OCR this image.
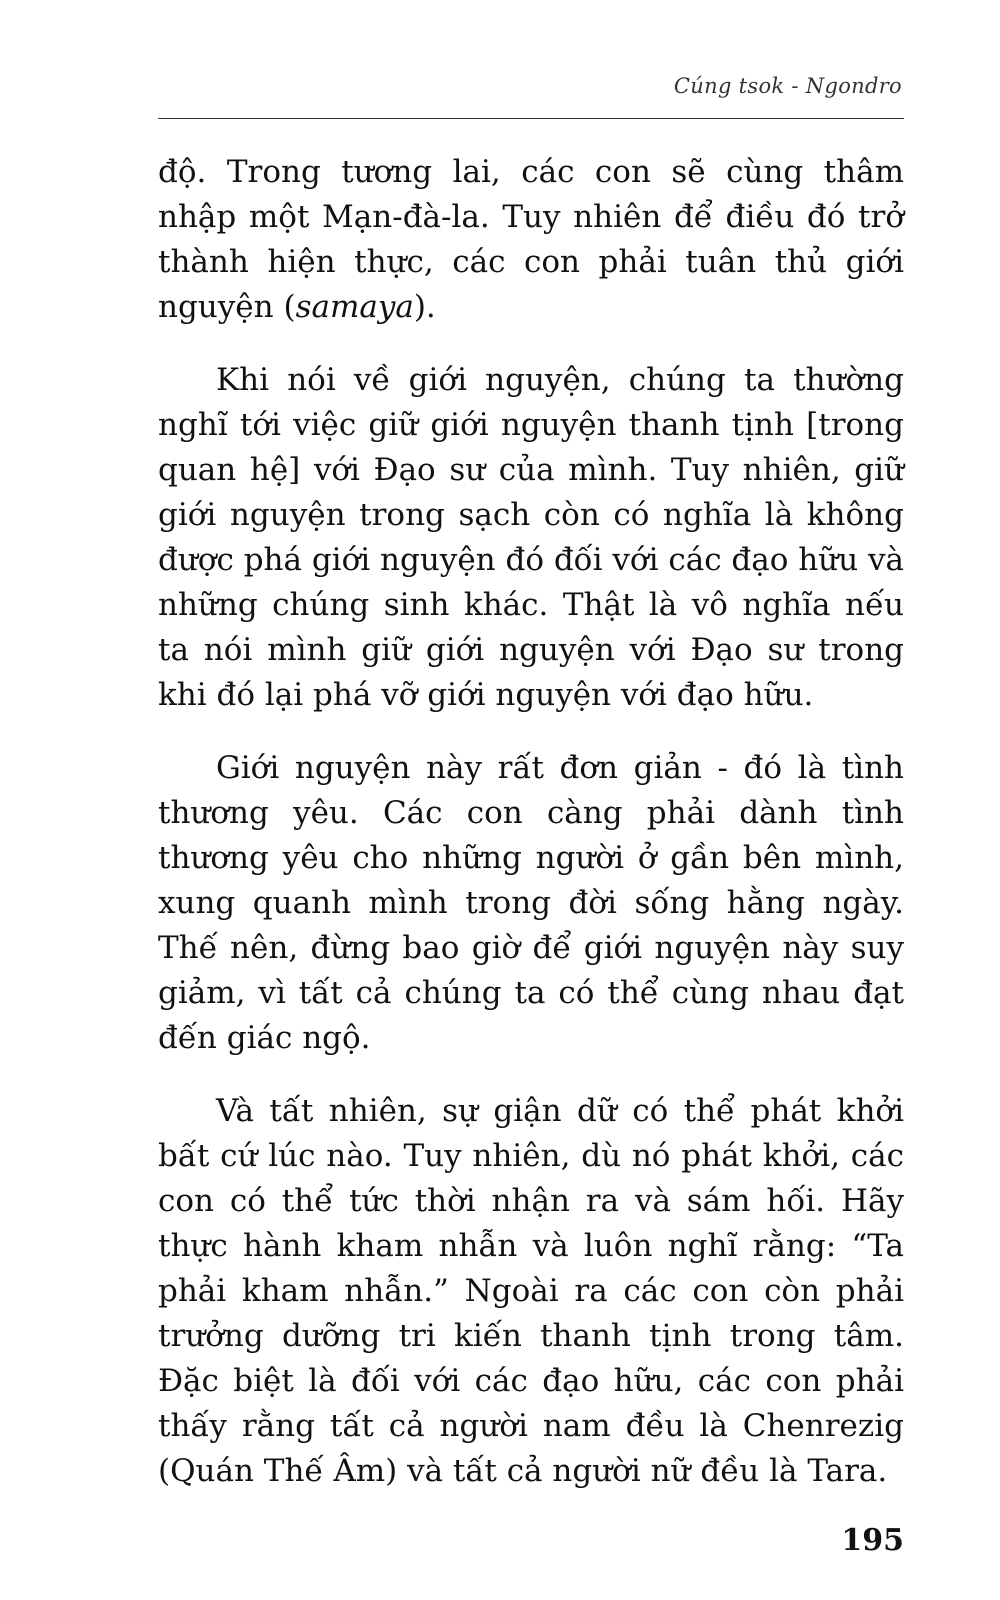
Cúng tsok - Ngondro

độ. Trong tương lai, các con sẽ cùng thâm nhập một Mạn-đà-la. Tuy nhiên để điều đó trở thành hiện thực, các con phải tuân thủ giới nguyện (samaya).

Khi nói về giới nguyện, chúng ta thường nghĩ tới việc giữ giới nguyện thanh tịnh [trong quan hệ] với Đạo sư của mình. Tuy nhiên, giữ giới nguyện trong sạch còn có nghĩa là không được phá giới nguyện đó đối với các đạo hữu và những chúng sinh khác. Thật là vô nghĩa nếu ta nói mình giữ giới nguyện với Đạo sư trong khi đó lại phá vỡ giới nguyện với đạo hữu.

Giới nguyện này rất đơn giản - đó là tình thương yêu. Các con càng phải dành tình thương yêu cho những người ở gần bên mình, xung quanh mình trong đời sống hằng ngày. Thế nên, đừng bao giờ để giới nguyện này suy giảm, vì tất cả chúng ta có thể cùng nhau đạt đến giác ngộ.

Và tất nhiên, sự giận dữ có thể phát khởi bất cứ lúc nào. Tuy nhiên, dù nó phát khởi, các con có thể tức thời nhận ra và sám hối. Hãy thực hành kham nhẫn và luôn nghĩ rằng: “Ta phải kham nhẫn.” Ngoài ra các con còn phải trưởng dưỡng tri kiến thanh tịnh trong tâm. Đặc biệt là đối với các đạo hữu, các con phải thấy rằng tất cả người nam đều là Chenrezig (Quán Thế Âm) và tất cả người nữ đều là Tara.

195
